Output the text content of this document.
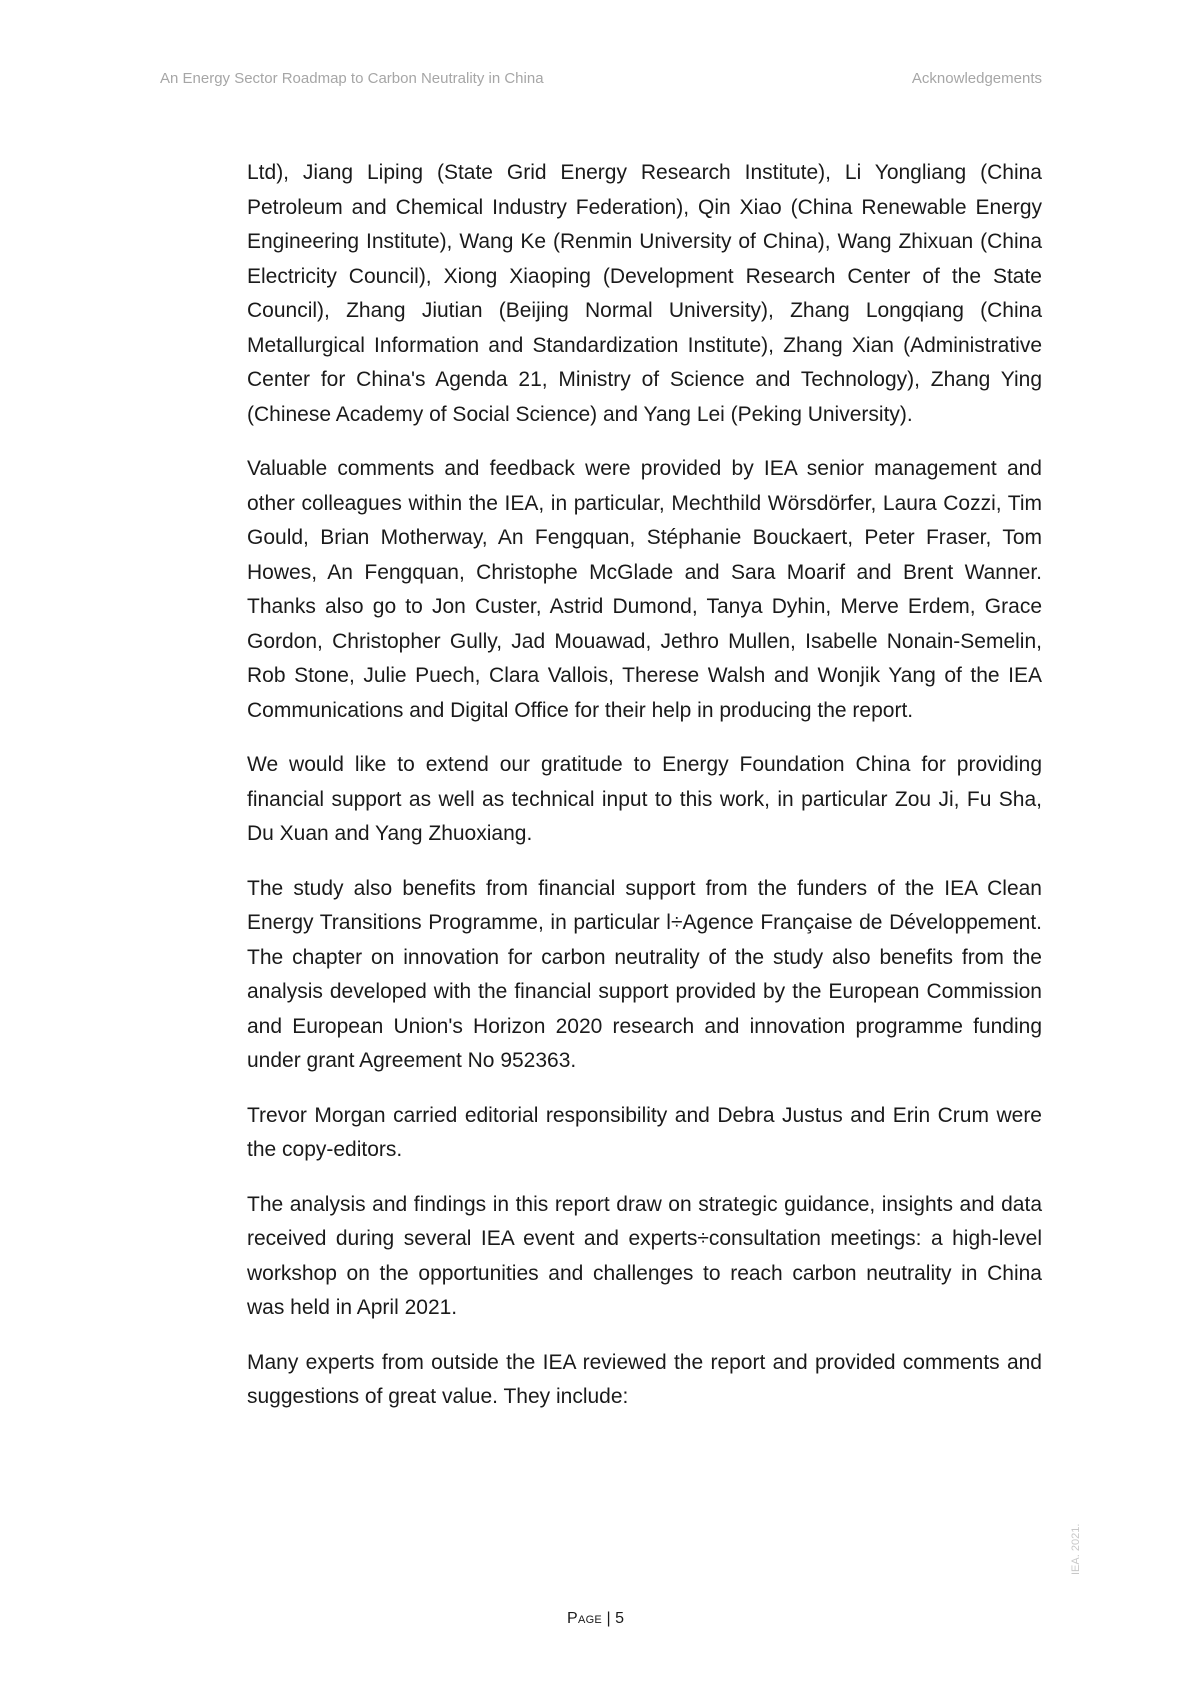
An Energy Sector Roadmap to Carbon Neutrality in China	Acknowledgements

Ltd), Jiang Liping (State Grid Energy Research Institute), Li Yongliang (China Petroleum and Chemical Industry Federation), Qin Xiao (China Renewable Energy Engineering Institute), Wang Ke (Renmin University of China), Wang Zhixuan (China Electricity Council), Xiong Xiaoping (Development Research Center of the State Council), Zhang Jiutian (Beijing Normal University), Zhang Longqiang (China Metallurgical Information and Standardization Institute), Zhang Xian (Administrative Center for China's Agenda 21, Ministry of Science and Technology), Zhang Ying (Chinese Academy of Social Science) and Yang Lei (Peking University).

Valuable comments and feedback were provided by IEA senior management and other colleagues within the IEA, in particular, Mechthild Wörsdörfer, Laura Cozzi, Tim Gould, Brian Motherway, An Fengquan, Stéphanie Bouckaert, Peter Fraser, Tom Howes, An Fengquan, Christophe McGlade and Sara Moarif and Brent Wanner. Thanks also go to Jon Custer, Astrid Dumond, Tanya Dyhin, Merve Erdem, Grace Gordon, Christopher Gully, Jad Mouawad, Jethro Mullen, Isabelle Nonain-Semelin, Rob Stone, Julie Puech, Clara Vallois, Therese Walsh and Wonjik Yang of the IEA Communications and Digital Office for their help in producing the report.

We would like to extend our gratitude to Energy Foundation China for providing financial support as well as technical input to this work, in particular Zou Ji, Fu Sha, Du Xuan and Yang Zhuoxiang.

The study also benefits from financial support from the funders of the IEA Clean Energy Transitions Programme, in particular l÷Agence Française de Développement. The chapter on innovation for carbon neutrality of the study also benefits from the analysis developed with the financial support provided by the European Commission and European Union's Horizon 2020 research and innovation programme funding under grant Agreement No 952363.

Trevor Morgan carried editorial responsibility and Debra Justus and Erin Crum were the copy-editors.

The analysis and findings in this report draw on strategic guidance, insights and data received during several IEA event and experts÷consultation meetings: a high-level workshop on the opportunities and challenges to reach carbon neutrality in China was held in April 2021.

Many experts from outside the IEA reviewed the report and provided comments and suggestions of great value. They include:

Page | 5
IEA. 2021.
